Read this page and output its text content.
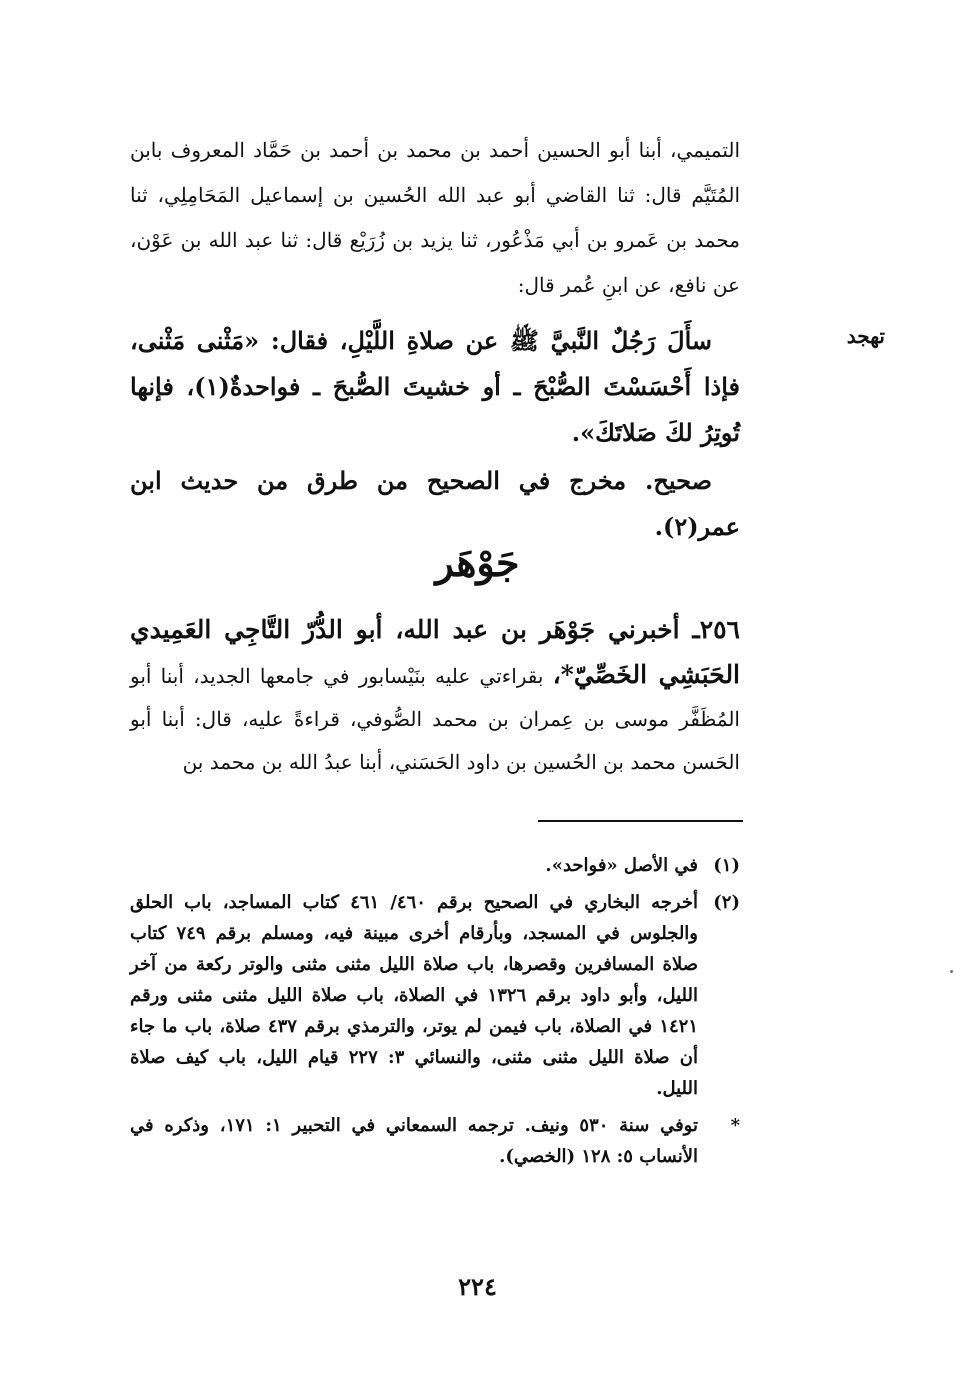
التميمي، أبنا أبو الحسين أحمد بن محمد بن أحمد بن حَمَّاد المعروف بابن المُتَيَّم قال: ثنا القاضي أبو عبد الله الحُسين بن إسماعيل المَحَامِلِي، ثنا محمد بن عَمرو بن أبي مَذْعُور، ثنا يزيد بن زُرَيْع قال: ثنا عبد الله بن عَوْن، عن نافع، عن ابنِ عُمر قال:

تهجد

سأَلَ رَجُلٌ النَّبيَّ ﷺ عن صلاةِ اللَّيْلِ، فقال: «مَثْنى مَثْنى، فإذا أَحْسَسْتَ الصُّبْحَ ـ أو خشيتَ الصُّبحَ ـ فواحدةٌ(١)، فإنها تُوتِرُ لكَ صَلاتَكَ».

صحيح. مخرج في الصحيح من طرق من حديث ابن عمر(٢).

جَوْهَر

٢٥٦ـ أخبرني جَوْهَر بن عبد الله، أبو الدُّرّ التَّاجِي العَمِيدي الحَبَشِي الخَصِّيّ*، بقراءتي عليه بنَيْسابور في جامعها الجديد، أبنا أبو المُظَفَّر موسى بن عِمران بن محمد الصُّوفي، قراءةً عليه، قال: أبنا أبو الحَسن محمد بن الحُسين بن داود الحَسَني، أبنا عبدُ الله بن محمد بن

(١)
في الأصل «فواحد».
(٢)
أخرجه البخاري في الصحيح برقم ٤٦٠/ ٤٦١ كتاب المساجد، باب الحلق والجلوس في المسجد، وبأرقام أخرى مبينة فيه، ومسلم برقم ٧٤٩ كتاب صلاة المسافرين وقصرها، باب صلاة الليل مثنى مثنى والوتر ركعة من آخر الليل، وأبو داود برقم ١٣٢٦ في الصلاة، باب صلاة الليل مثنى مثنى ورقم ١٤٢١ في الصلاة، باب فيمن لم يوتر، والترمذي برقم ٤٣٧ صلاة، باب ما جاء أن صلاة الليل مثنى مثنى، والنسائي ٣: ٢٢٧ قيام الليل، باب كيف صلاة الليل.
*
توفي سنة ٥٣٠ ونيف. ترجمه السمعاني في التحبير ١: ١٧١، وذكره في الأنساب ٥: ١٢٨ (الخصي).
٢٢٤
